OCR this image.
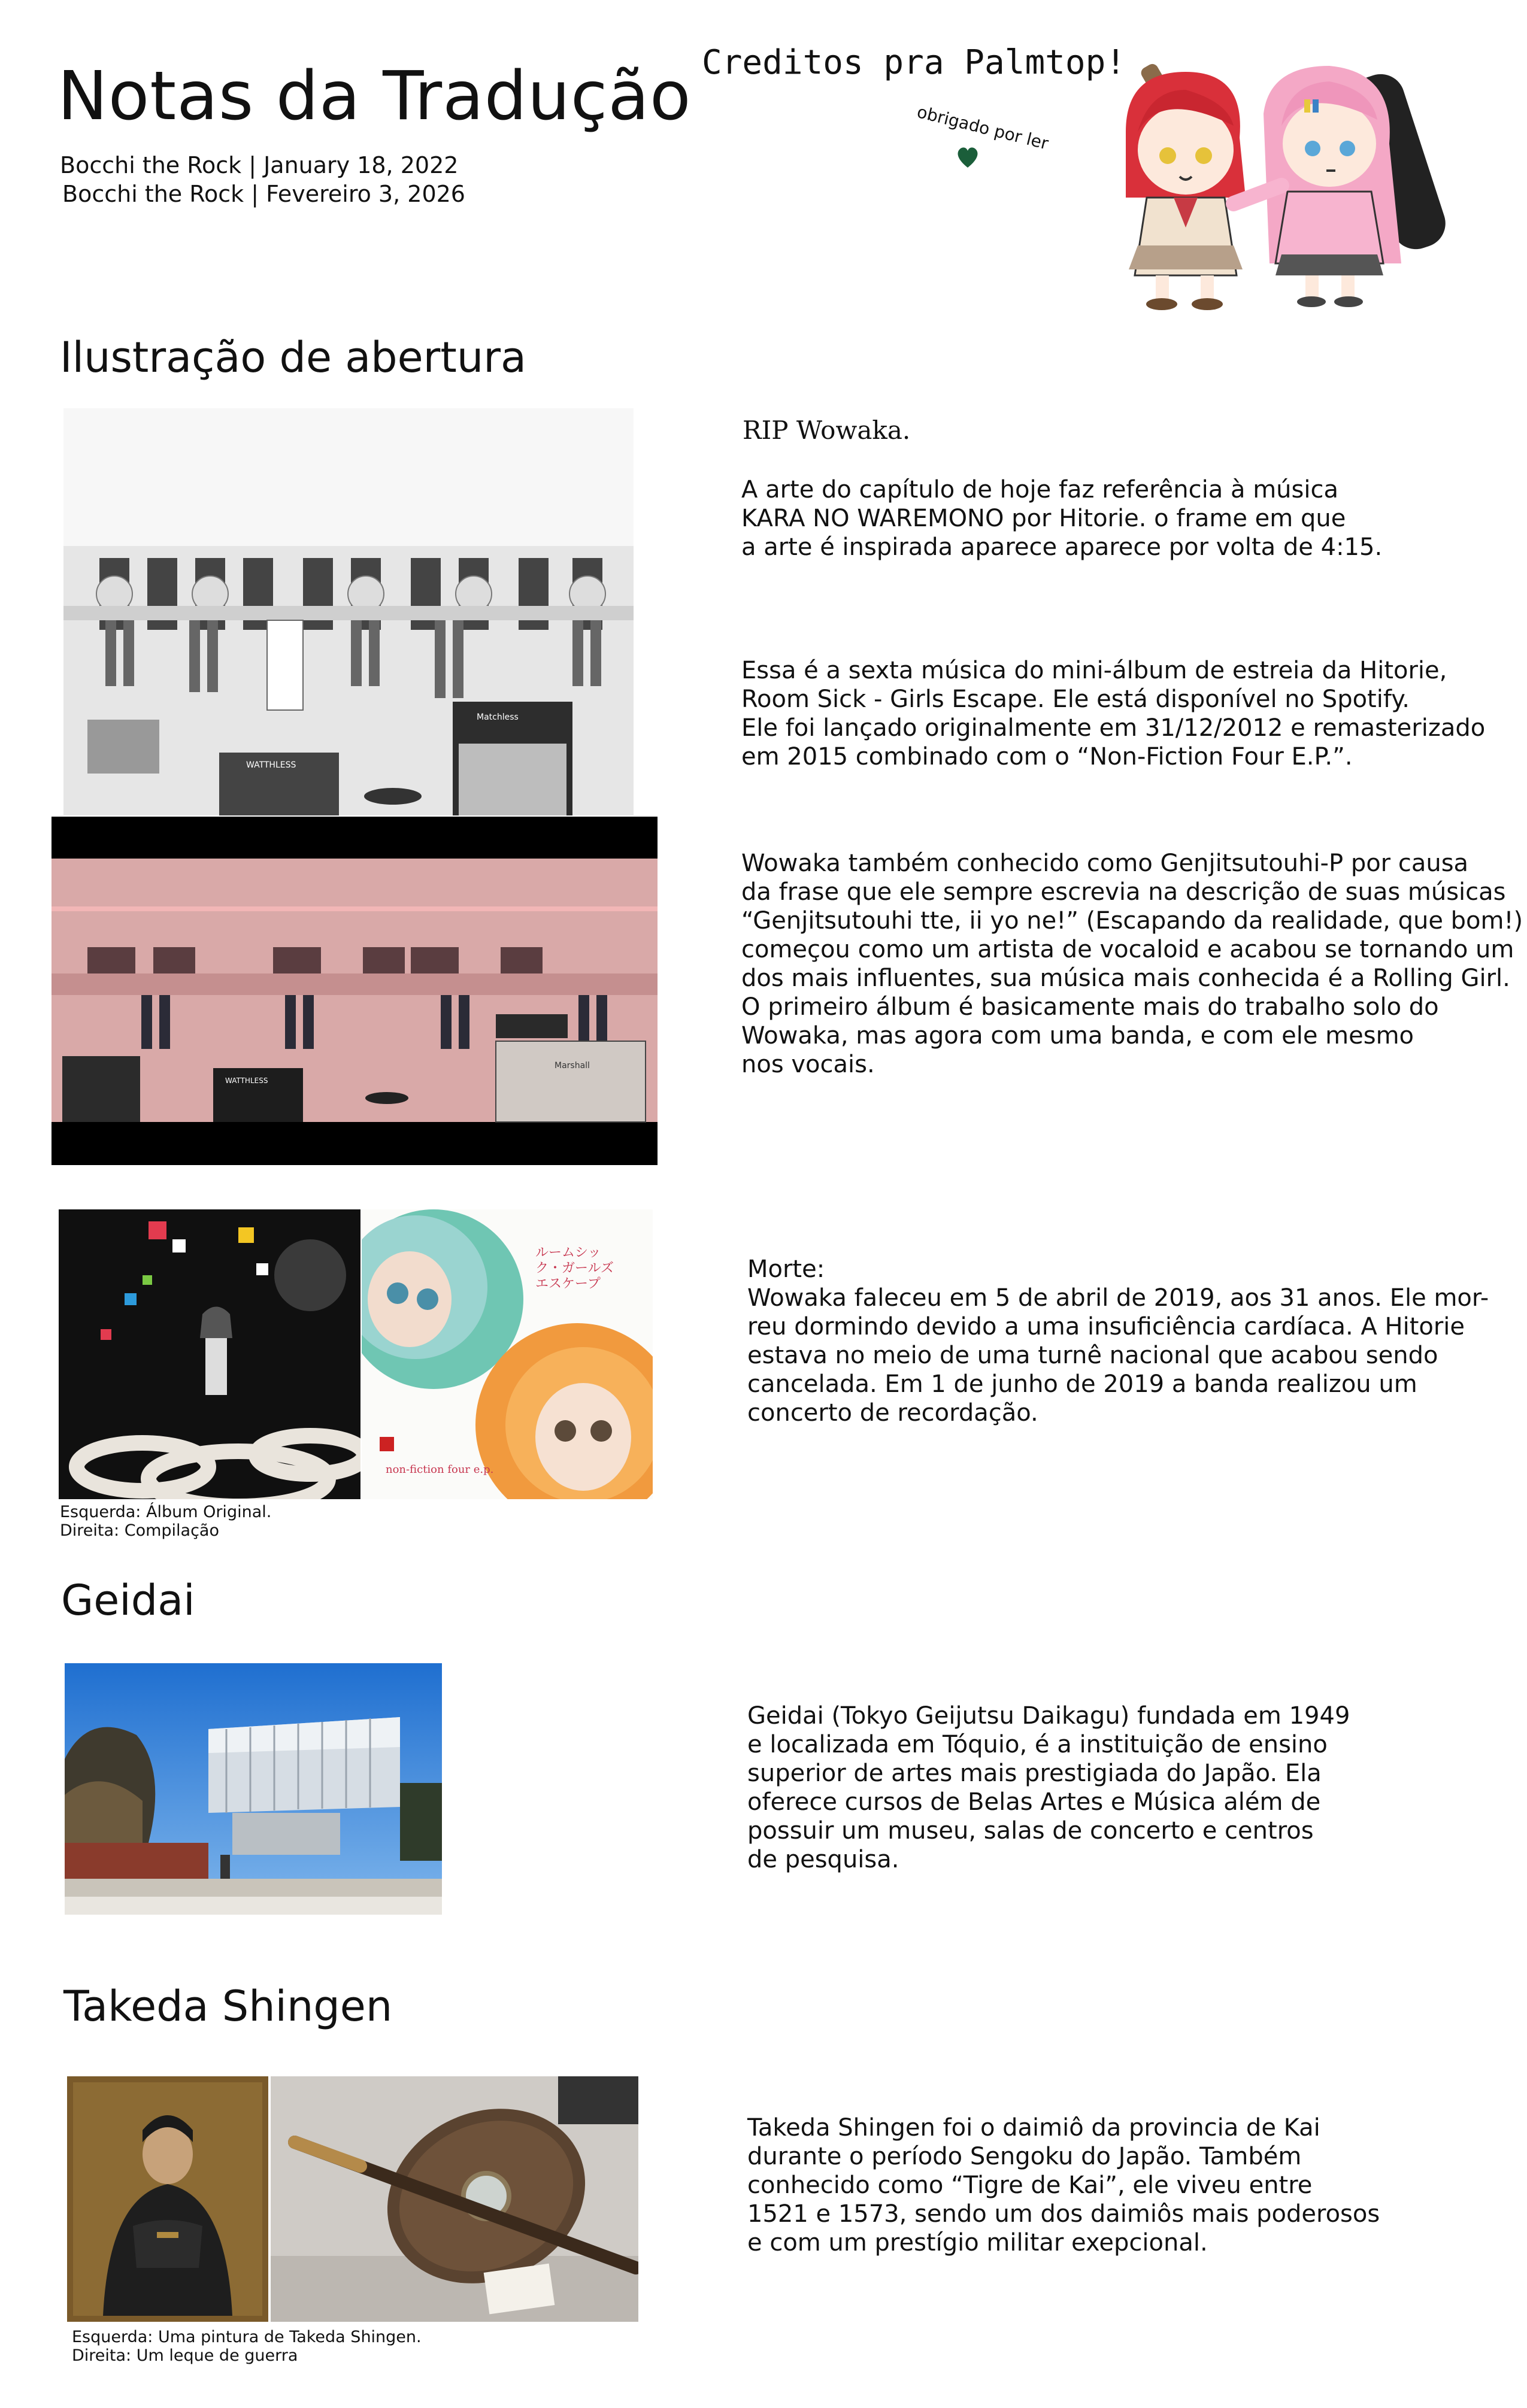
Notas da Tradução
Bocchi the Rock | January 18, 2022
Bocchi the Rock | Fevereiro 3, 2026
Creditos pra Palmtop!
obrigado por ler
Ilustração de abertura
WATTHLESS
Matchless
WATTHLESS
Marshall
RIP Wowaka.
A arte do capítulo de hoje faz referência à música
KARA NO WAREMONO por Hitorie. o frame em que
a arte é inspirada aparece aparece por volta de 4:15.
Essa é a sexta música do mini-álbum de estreia da Hitorie,
Room Sick - Girls Escape. Ele está disponível no Spotify.
Ele foi lançado originalmente em 31/12/2012 e remasterizado
em 2015 combinado com o “Non-Fiction Four E.P.”.
Wowaka também conhecido como Genjitsutouhi-P por causa
da frase que ele sempre escrevia na descrição de suas músicas
“Genjitsutouhi tte, ii yo ne!” (Escapando da realidade, que bom!)
começou como um artista de vocaloid e acabou se tornando um
dos mais influentes, sua música mais conhecida é a Rolling Girl.
O primeiro álbum é basicamente mais do trabalho solo do
Wowaka, mas agora com uma banda, e com ele mesmo
nos vocais.
ルームシック・ガールズエスケープ
non-fiction four e.p.
Esquerda: Álbum Original.
Direita: Compilação
Morte:
Wowaka faleceu em 5 de abril de 2019, aos 31 anos. Ele mor-
reu dormindo devido a uma insuficiência cardíaca. A Hitorie
estava no meio de uma turnê nacional que acabou sendo
cancelada. Em 1 de junho de 2019 a banda realizou um
concerto de recordação.
Geidai
Geidai (Tokyo Geijutsu Daikagu) fundada em 1949
e localizada em Tóquio, é a instituição de ensino
superior de artes mais prestigiada do Japão. Ela
oferece cursos de Belas Artes e Música além de
possuir um museu, salas de concerto e centros
de pesquisa.
Takeda Shingen
Esquerda: Uma pintura de Takeda Shingen.
Direita: Um leque de guerra
Takeda Shingen foi o daimiô da provincia de Kai
durante o período Sengoku do Japão. Também
conhecido como “Tigre de Kai”, ele viveu entre
1521 e 1573, sendo um dos daimiôs mais poderosos
e com um prestígio militar exepcional.
